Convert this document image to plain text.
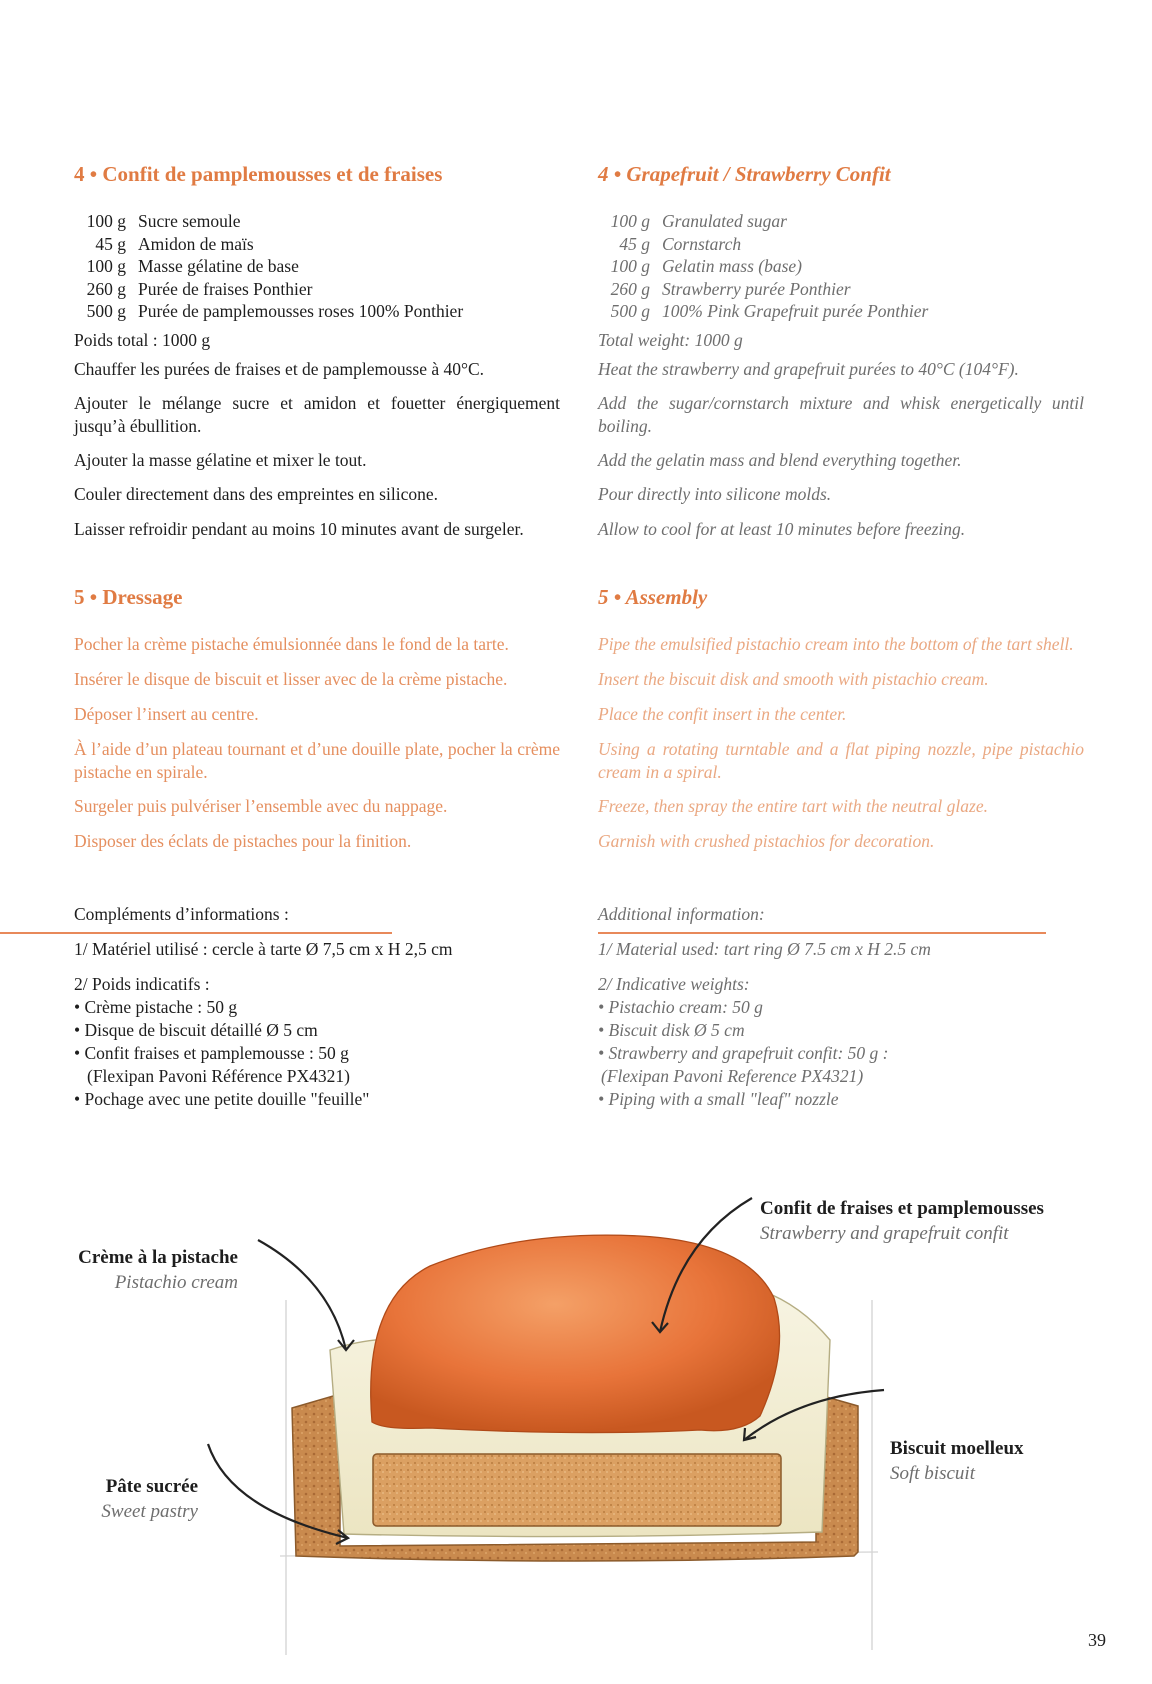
4 • Confit de pamplemousses et de fraises
100 g Sucre semoule
45 g Amidon de maïs
100 g Masse gélatine de base
260 g Purée de fraises Ponthier
500 g Purée de pamplemousses roses 100% Ponthier

Poids total : 1000 g

Chauffer les purées de fraises et de pamplemousse à 40°C.

Ajouter le mélange sucre et amidon et fouetter énergiquement jusqu’à ébullition.

Ajouter la masse gélatine et mixer le tout.

Couler directement dans des empreintes en silicone.

Laisser refroidir pendant au moins 10 minutes avant de surgeler.

4 • Grapefruit / Strawberry Confit
100 g Granulated sugar
45 g Cornstarch
100 g Gelatin mass (base)
260 g Strawberry purée Ponthier
500 g 100% Pink Grapefruit purée Ponthier

Total weight: 1000 g

Heat the strawberry and grapefruit purées to 40°C (104°F).

Add the sugar/cornstarch mixture and whisk energetically until boiling.

Add the gelatin mass and blend everything together.

Pour directly into silicone molds.

Allow to cool for at least 10 minutes before freezing.

5 • Dressage

Pocher la crème pistache émulsionnée dans le fond de la tarte.

Insérer le disque de biscuit et lisser avec de la crème pistache.

Déposer l’insert au centre.

À l’aide d’un plateau tournant et d’une douille plate, pocher la crème pistache en spirale.

Surgeler puis pulvériser l’ensemble avec du nappage.

Disposer des éclats de pistaches pour la finition.

5 • Assembly

Pipe the emulsified pistachio cream into the bottom of the tart shell.

Insert the biscuit disk and smooth with pistachio cream.

Place the confit insert in the center.

Using a rotating turntable and a flat piping nozzle, pipe pistachio cream in a spiral.

Freeze, then spray the entire tart with the neutral glaze.

Garnish with crushed pistachios for decoration.

Compléments d’informations :

1/ Matériel utilisé : cercle à tarte Ø 7,5 cm x H 2,5 cm

2/ Poids indicatifs :

• Crème pistache : 50 g
• Disque de biscuit détaillé Ø 5 cm
• Confit fraises et pamplemousse : 50 g
(Flexipan Pavoni Référence PX4321)
• Pochage avec une petite douille "feuille"

Additional information:

1/ Material used: tart ring Ø 7.5 cm x H 2.5 cm

2/ Indicative weights:

• Pistachio cream: 50 g
• Biscuit disk Ø 5 cm
• Strawberry and grapefruit confit: 50 g :
(Flexipan Pavoni Reference PX4321)
• Piping with a small "leaf" nozzle
Confit de fraises et pamplemousses
Strawberry and grapefruit confit
Crème à la pistache
Pistachio cream
Biscuit moelleux
Soft biscuit
Pâte sucrée
Sweet pastry
39
